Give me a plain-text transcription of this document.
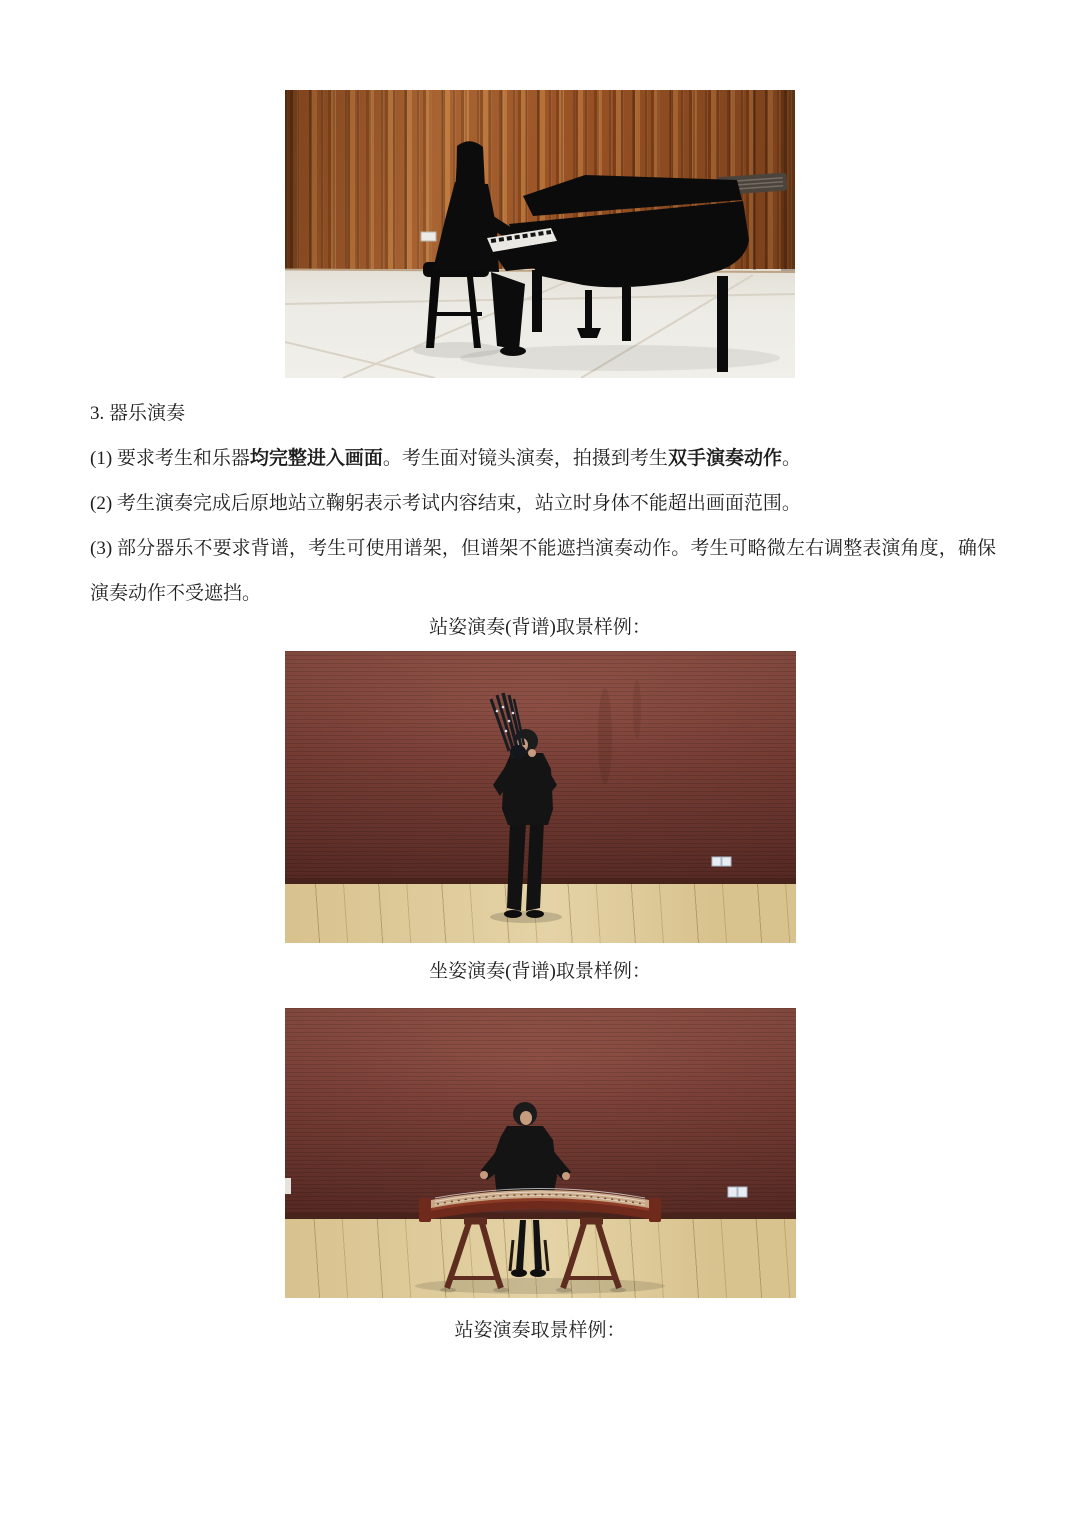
3. 器乐演奏

(1) 要求考生和乐器均完整进入画面。考生面对镜头演奏，拍摄到考生双手演奏动作。

(2) 考生演奏完成后原地站立鞠躬表示考试内容结束，站立时身体不能超出画面范围。

(3) 部分器乐不要求背谱，考生可使用谱架，但谱架不能遮挡演奏动作。考生可略微左右调整表演角度，确保演奏动作不受遮挡。

站姿演奏(背谱)取景样例：

坐姿演奏(背谱)取景样例：

站姿演奏取景样例：
